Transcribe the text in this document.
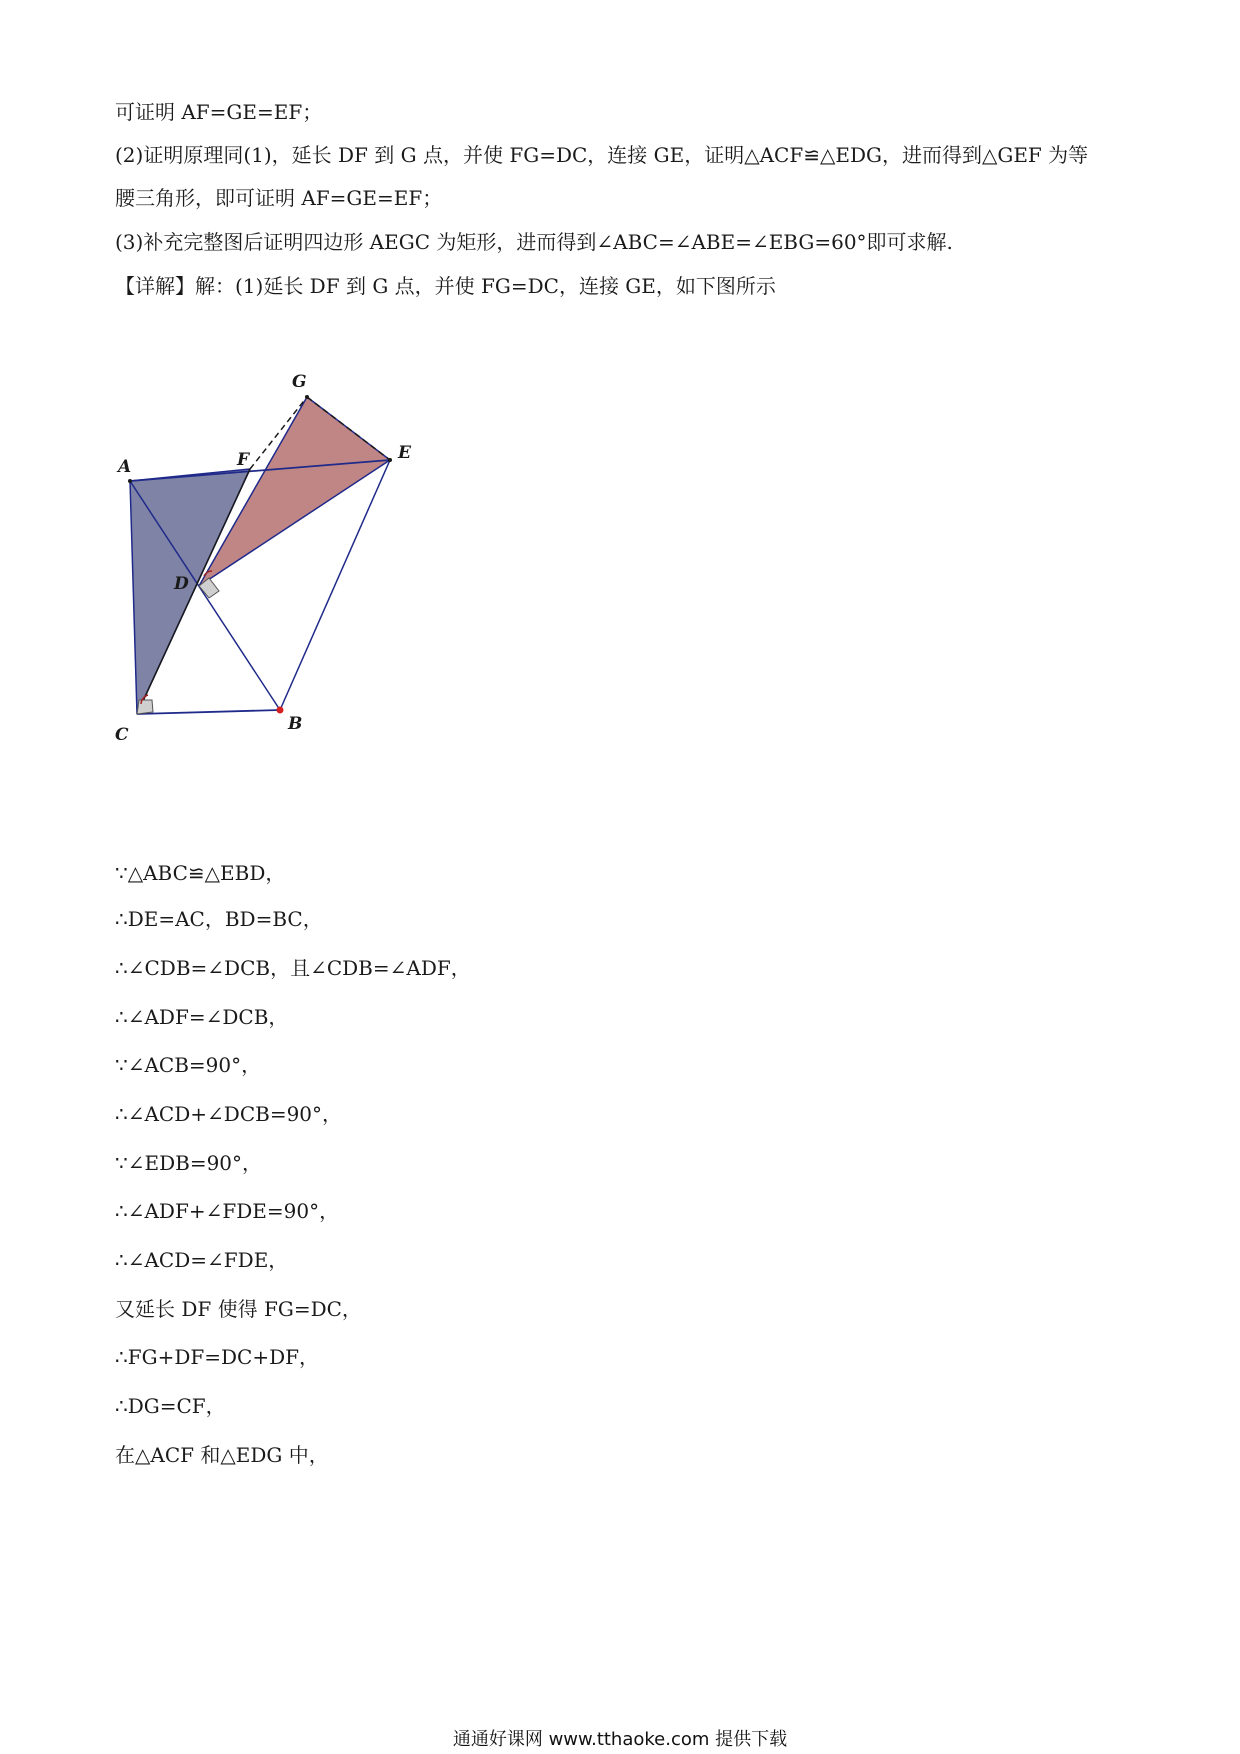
可证明 AF=GE=EF；
(2)证明原理同(1)，延长 DF 到 G 点，并使 FG=DC，连接 GE，证明△ACF≌△EDG，进而得到△GEF 为等
腰三角形，即可证明 AF=GE=EF；
(3)补充完整图后证明四边形 AEGC 为矩形，进而得到∠ABC=∠ABE=∠EBG=60°即可求解.
【详解】解：(1)延长 DF 到 G 点，并使 FG=DC，连接 GE，如下图所示
G
A	F	E
D
C
B
∵△ABC≌△EBD，
∴DE=AC，BD=BC，
∴∠CDB=∠DCB，且∠CDB=∠ADF，
∴∠ADF=∠DCB，
∵∠ACB=90°，
∴∠ACD+∠DCB=90°，
∵∠EDB=90°，
∴∠ADF+∠FDE=90°，
∴∠ACD=∠FDE，
又延长 DF 使得 FG=DC，
∴FG+DF=DC+DF，
∴DG=CF，
在△ACF 和△EDG 中，
通通好课网 www.tthaoke.com 提供下载
